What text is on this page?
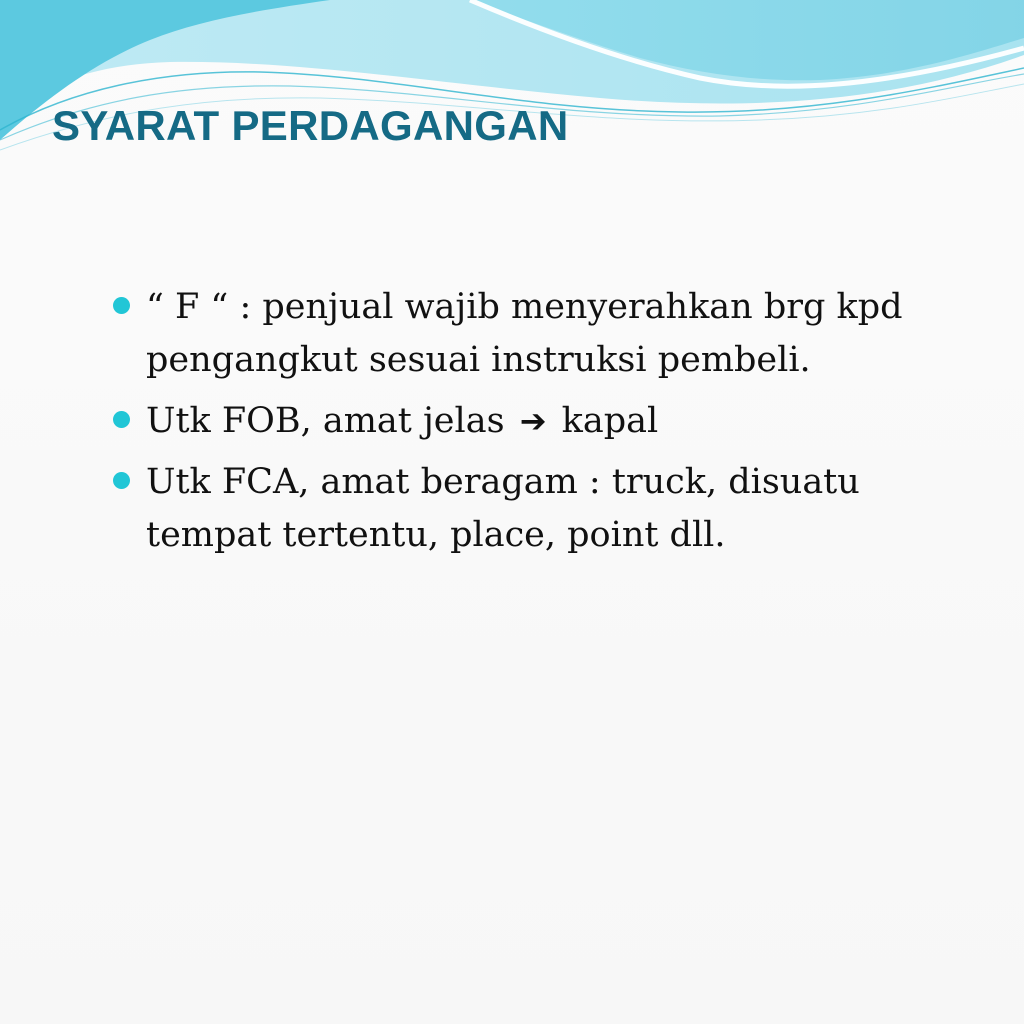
SYARAT PERDAGANGAN
“ F “ : penjual wajib menyerahkan brg kpd pengangkut sesuai instruksi pembeli.
Utk FOB, amat jelas ➔ kapal
Utk FCA, amat beragam : truck, disuatu tempat tertentu, place, point dll.
